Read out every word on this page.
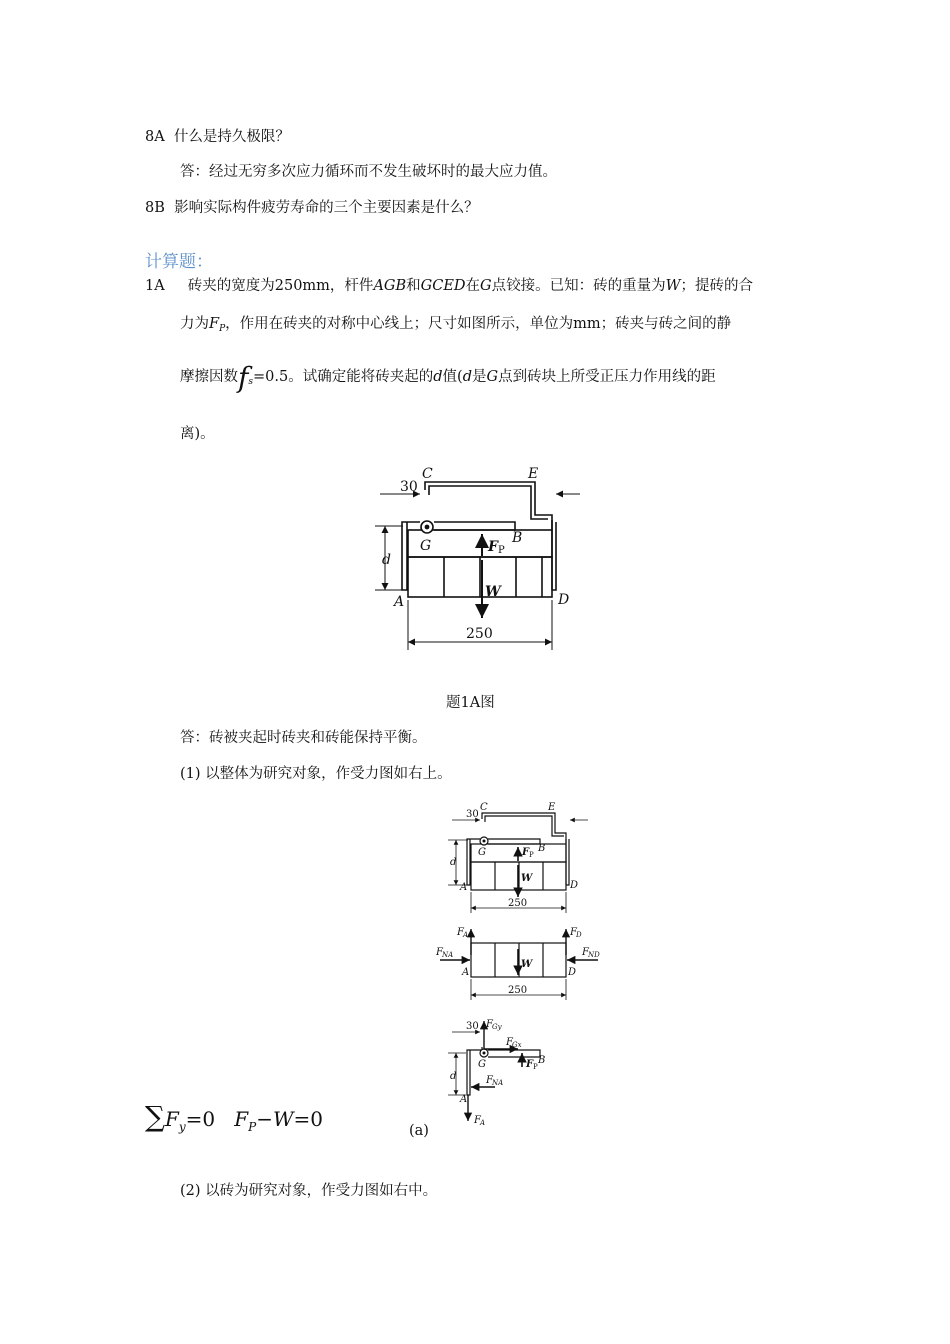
8A 什么是持久极限？
答：经过无穷多次应力循环而不发生破坏时的最大应力值。
8B 影响实际构件疲劳寿命的三个主要因素是什么？
计算题：
1A 砖夹的宽度为250mm，杆件AGB和GCED在G点铰接。已知：砖的重量为W；提砖的合
力为$F_P$，作用在砖夹的对称中心线上；尺寸如图所示，单位为mm；砖夹与砖之间的静
摩擦因数$f_s=0.5$。试确定能将砖夹起的d值(d是G点到砖块上所受正压力作用线的距
离)。
30
C	E
G	B
F P
W
A	D
d
250
题1A图
答：砖被夹起时砖夹和砖能保持平衡。
(1) 以整体为研究对象，作受力图如右上。
30
C	E
G	B
F P
W
A	D
d
250
F A	F D
F NA	F ND
A	D
W
250
30 F Gy
F Gx
G	B
F P
d	F NA
A
F A
(a)
$\sum F_y=0$ $F_P-W=0$
(2) 以砖为研究对象，作受力图如右中。
